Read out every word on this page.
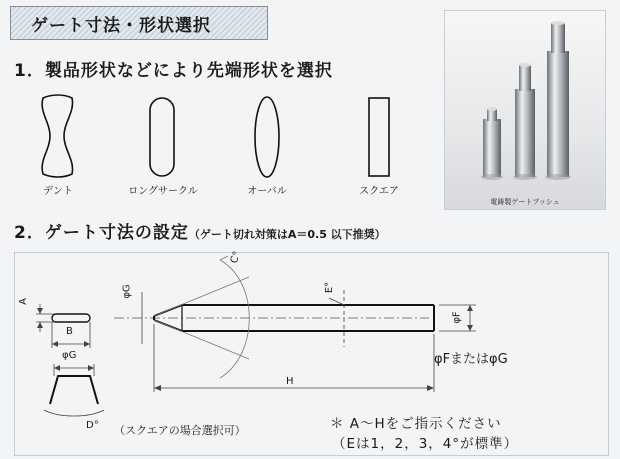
ゲート寸法・形状選択
1．製品形状などにより先端形状を選択
デント	ロングサークル	オーバル	スクエア
電鋳製ゲートブッシュ
2．ゲート寸法の設定（ゲート切れ対策はA＝0.5 以下推奨）
A
B
φG
C°
E°
φF
H
φG
D° （スクエアの場合選択可）
φFまたはφG
＊ A～Hをご指示ください
（Eは1，2，3，4°が標準）
